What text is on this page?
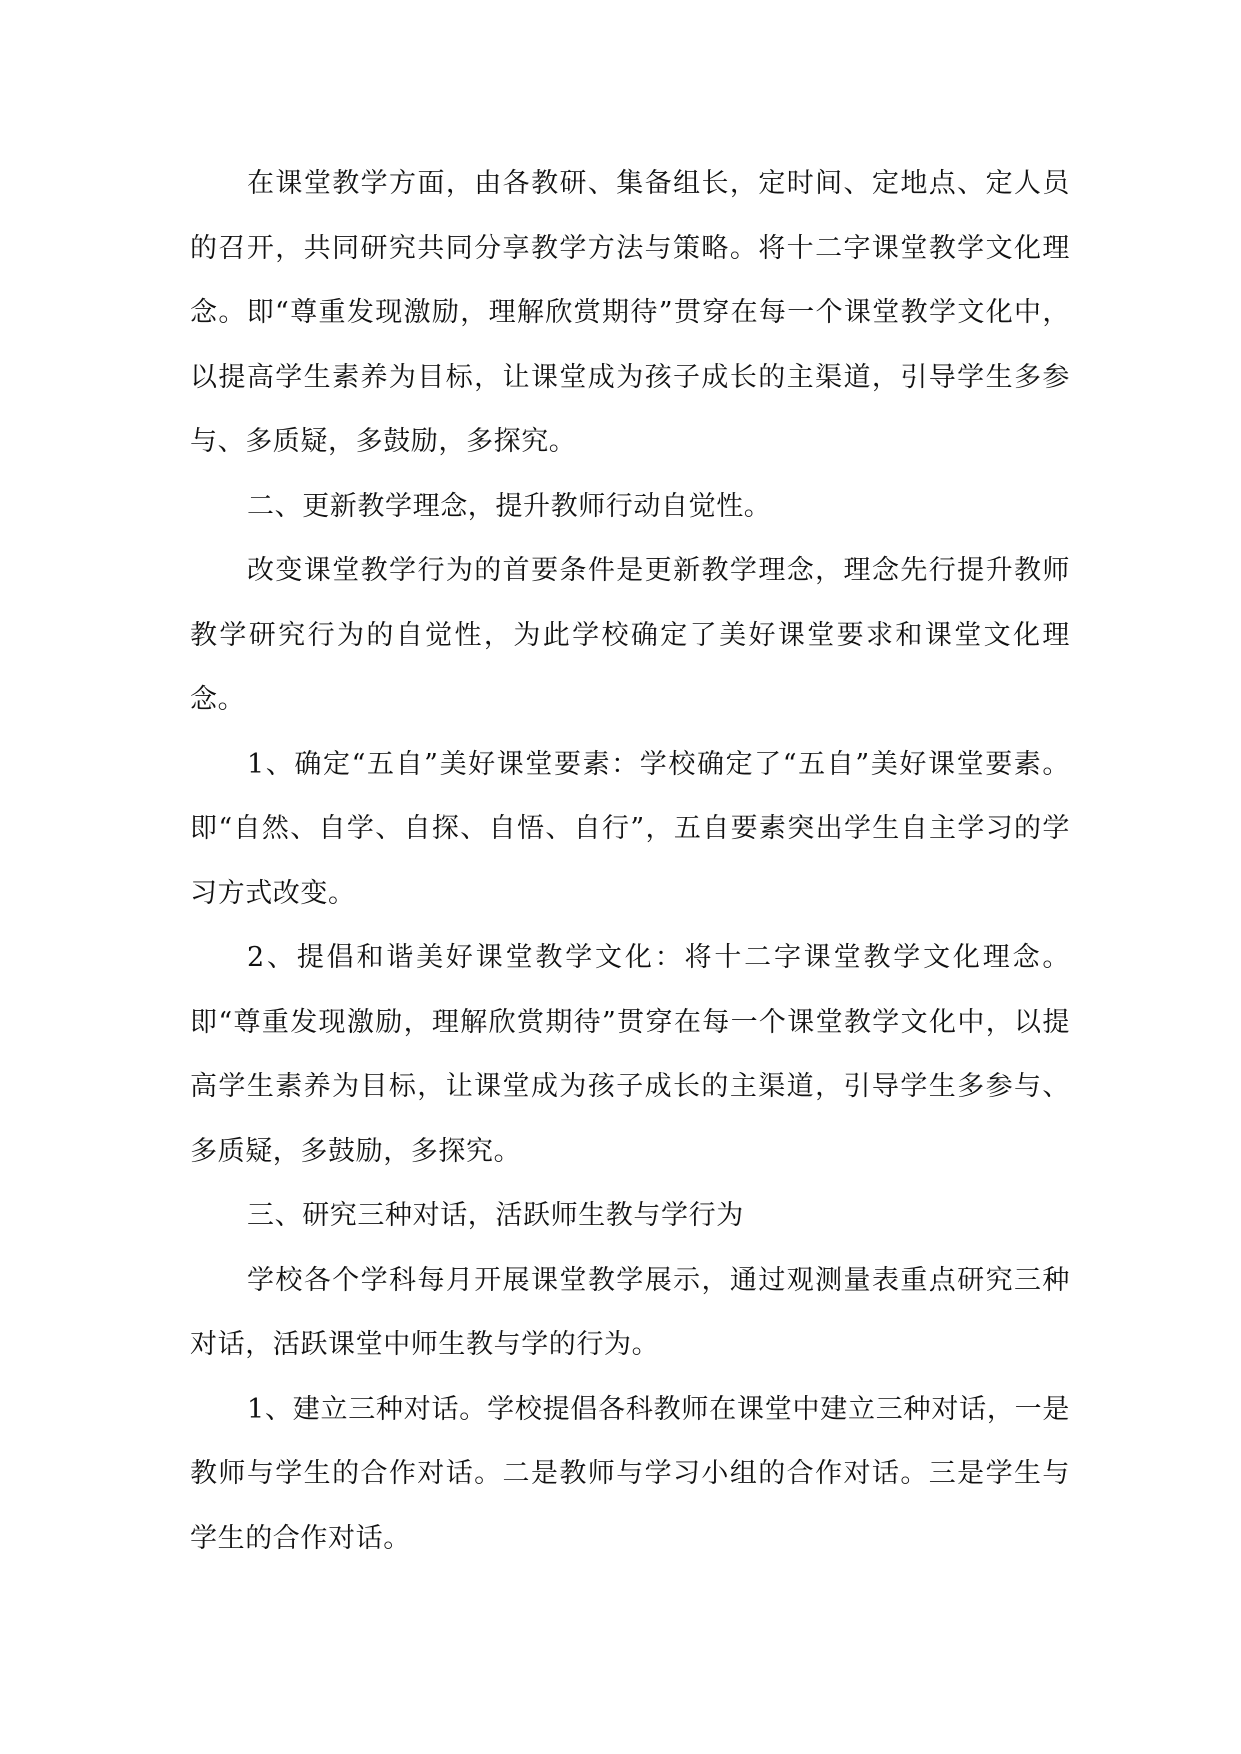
在课堂教学方面，由各教研、集备组长，定时间、定地点、定人员的召开，共同研究共同分享教学方法与策略。将十二字课堂教学文化理念。即“尊重发现激励，理解欣赏期待”贯穿在每一个课堂教学文化中，以提高学生素养为目标，让课堂成为孩子成长的主渠道，引导学生多参与、多质疑，多鼓励，多探究。

二、更新教学理念，提升教师行动自觉性。

改变课堂教学行为的首要条件是更新教学理念，理念先行提升教师教学研究行为的自觉性，为此学校确定了美好课堂要求和课堂文化理念。

1、确定“五自”美好课堂要素：学校确定了“五自”美好课堂要素。即“自然、自学、自探、自悟、自行”，五自要素突出学生自主学习的学习方式改变。

2、提倡和谐美好课堂教学文化：将十二字课堂教学文化理念。即“尊重发现激励，理解欣赏期待”贯穿在每一个课堂教学文化中，以提高学生素养为目标，让课堂成为孩子成长的主渠道，引导学生多参与、多质疑，多鼓励，多探究。

三、研究三种对话，活跃师生教与学行为

学校各个学科每月开展课堂教学展示，通过观测量表重点研究三种对话，活跃课堂中师生教与学的行为。

1、建立三种对话。学校提倡各科教师在课堂中建立三种对话，一是教师与学生的合作对话。二是教师与学习小组的合作对话。三是学生与学生的合作对话。
